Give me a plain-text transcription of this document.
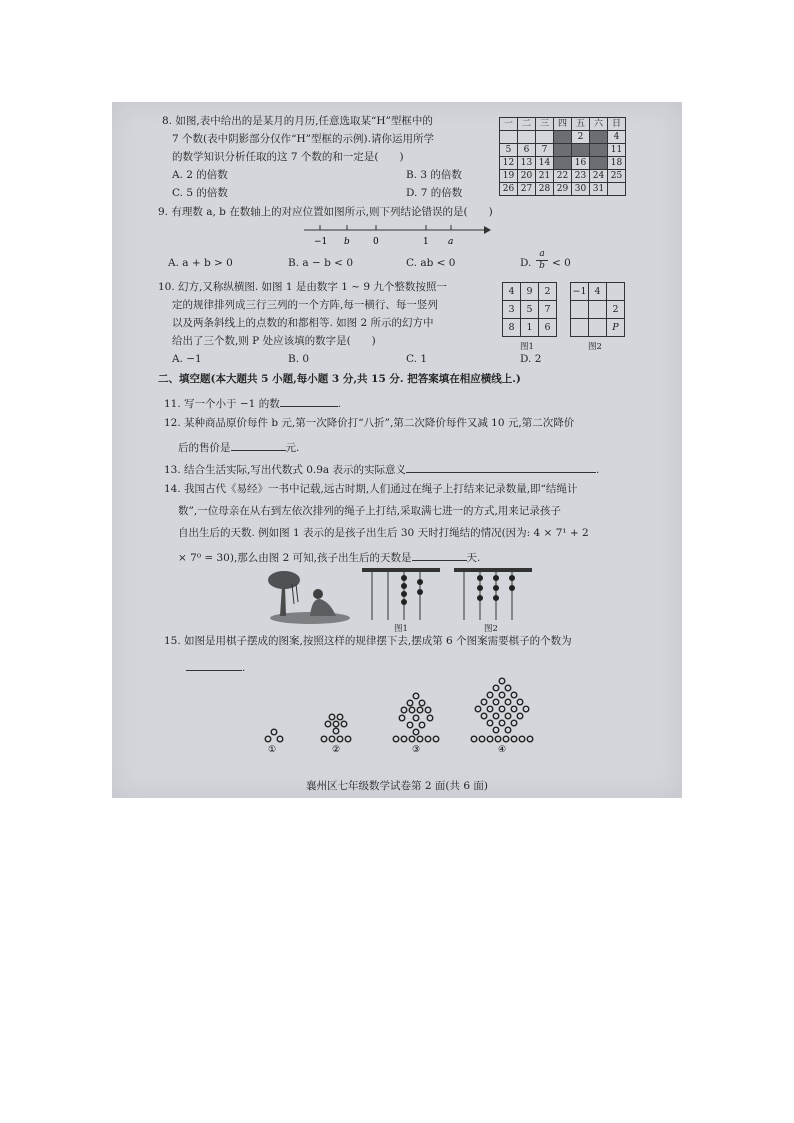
8. 如图,表中给出的是某月的月历,任意选取某“H”型框中的
7 个数(表中阴影部分仅作“H”型框的示例).请你运用所学
的数学知识分析任取的这 7 个数的和一定是(　　)
A. 2 的倍数	B. 3 的倍数
C. 5 的倍数	D. 7 的倍数
一	二	三	四	五	六	日
				2		4
5	6	7				11
12	13	14		16		18
19	20	21	22	23	24	25
26	27	28	29	30	31	
9. 有理数 a, b 在数轴上的对应位置如图所示,则下列结论错误的是(　　)
−1 b	0	1 a
A. a + b > 0	B. a − b < 0	C. ab < 0	D. $\frac{a}{b} < 0$
10. 幻方,又称纵横图. 如图 1 是由数字 1 ~ 9 九个整数按照一
定的规律排列成三行三列的一个方阵,每一横行、每一竖列
以及两条斜线上的点数的和都相等. 如图 2 所示的幻方中
给出了三个数,则 P 处应该填的数字是(　　)
A. −1	B. 0	C. 1	D. 2
4	9	2
3	5	7
8	1	6
图1
−1	4	
		2
		P
图2
二、填空题(本大题共 5 小题,每小题 3 分,共 15 分. 把答案填在相应横线上.)
11. 写一个小于 −1 的数	.
12. 某种商品原价每件 b 元,第一次降价打“八折”,第二次降价每件又减 10 元,第二次降价
后的售价是	元.
13. 结合生活实际,写出代数式 0.9a 表示的实际意义	.
14. 我国古代《易经》一书中记载,远古时期,人们通过在绳子上打结来记录数量,即“结绳计
数”,一位母亲在从右到左依次排列的绳子上打结,采取满七进一的方式,用来记录孩子
自出生后的天数. 例如图 1 表示的是孩子出生后 30 天时打绳结的情况(因为: 4 × 7¹ + 2
× 7⁰ = 30),那么由图 2 可知,孩子出生后的天数是	天.
图1	图2
15. 如图是用棋子摆成的图案,按照这样的规律摆下去,摆成第 6 个图案需要棋子的个数为
.
①	②	③	④
襄州区七年级数学试卷第 2 面(共 6 面)
